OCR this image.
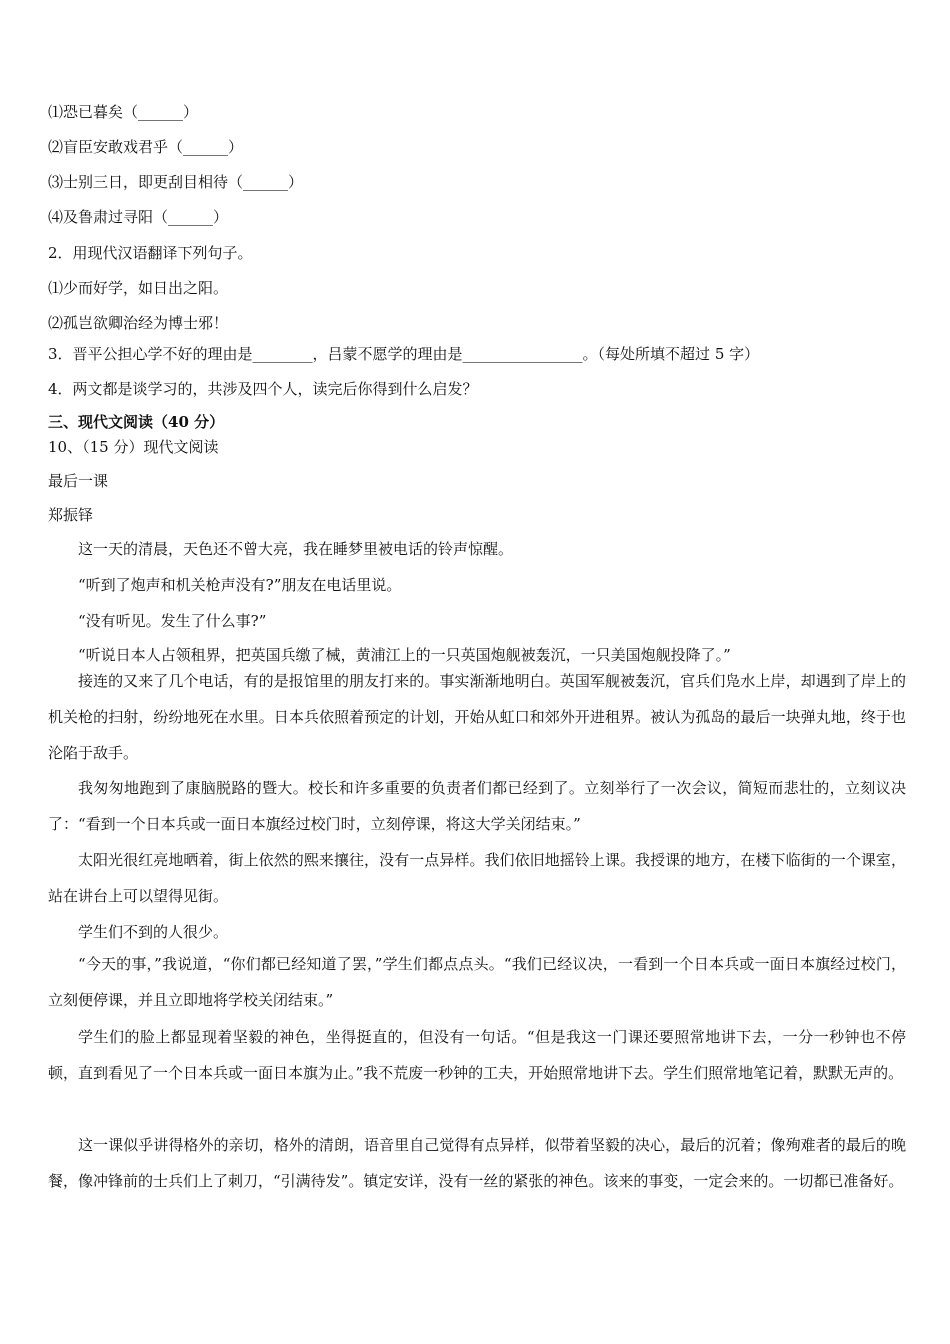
⑴恐已暮矣（______）
⑵盲臣安敢戏君乎（______）
⑶士别三日，即更刮目相待（______）
⑷及鲁肃过寻阳（______）
2．用现代汉语翻译下列句子。
⑴少而好学，如日出之阳。
⑵孤岂欲卿治经为博士邪！
3．晋平公担心学不好的理由是________，吕蒙不愿学的理由是________________。（每处所填不超过 5 字）
4．两文都是谈学习的，共涉及四个人，读完后你得到什么启发？
三、现代文阅读（40 分）
10、（15 分）现代文阅读
最后一课
郑振铎
这一天的清晨，天色还不曾大亮，我在睡梦里被电话的铃声惊醒。
“听到了炮声和机关枪声没有?”朋友在电话里说。
“没有听见。发生了什么事?”
“听说日本人占领租界，把英国兵缴了械，黄浦江上的一只英国炮舰被轰沉，一只美国炮舰投降了。”
接连的又来了几个电话，有的是报馆里的朋友打来的。事实渐渐地明白。英国军舰被轰沉，官兵们凫水上岸，却遇到了岸上的机关枪的扫射，纷纷地死在水里。日本兵依照着预定的计划，开始从虹口和郊外开进租界。被认为孤岛的最后一块弹丸地，终于也沦陷于敌手。
我匆匆地跑到了康脑脱路的暨大。校长和许多重要的负责者们都已经到了。立刻举行了一次会议，简短而悲壮的，立刻议决了：“看到一个日本兵或一面日本旗经过校门时，立刻停课，将这大学关闭结束。”
太阳光很红亮地晒着，街上依然的熙来攘往，没有一点异样。我们依旧地摇铃上课。我授课的地方，在楼下临街的一个课室，站在讲台上可以望得见街。
学生们不到的人很少。
“今天的事，”我说道，“你们都已经知道了罢，”学生们都点点头。“我们已经议决，一看到一个日本兵或一面日本旗经过校门，立刻便停课，并且立即地将学校关闭结束。”
学生们的脸上都显现着坚毅的神色，坐得挺直的，但没有一句话。“但是我这一门课还要照常地讲下去，一分一秒钟也不停顿，直到看见了一个日本兵或一面日本旗为止。”我不荒废一秒钟的工夫，开始照常地讲下去。学生们照常地笔记着，默默无声的。
这一课似乎讲得格外的亲切，格外的清朗，语音里自己觉得有点异样，似带着坚毅的决心，最后的沉着；像殉难者的最后的晚餐，像冲锋前的士兵们上了刺刀，“引满待发”。镇定安详，没有一丝的紧张的神色。该来的事变，一定会来的。一切都已准备好。
